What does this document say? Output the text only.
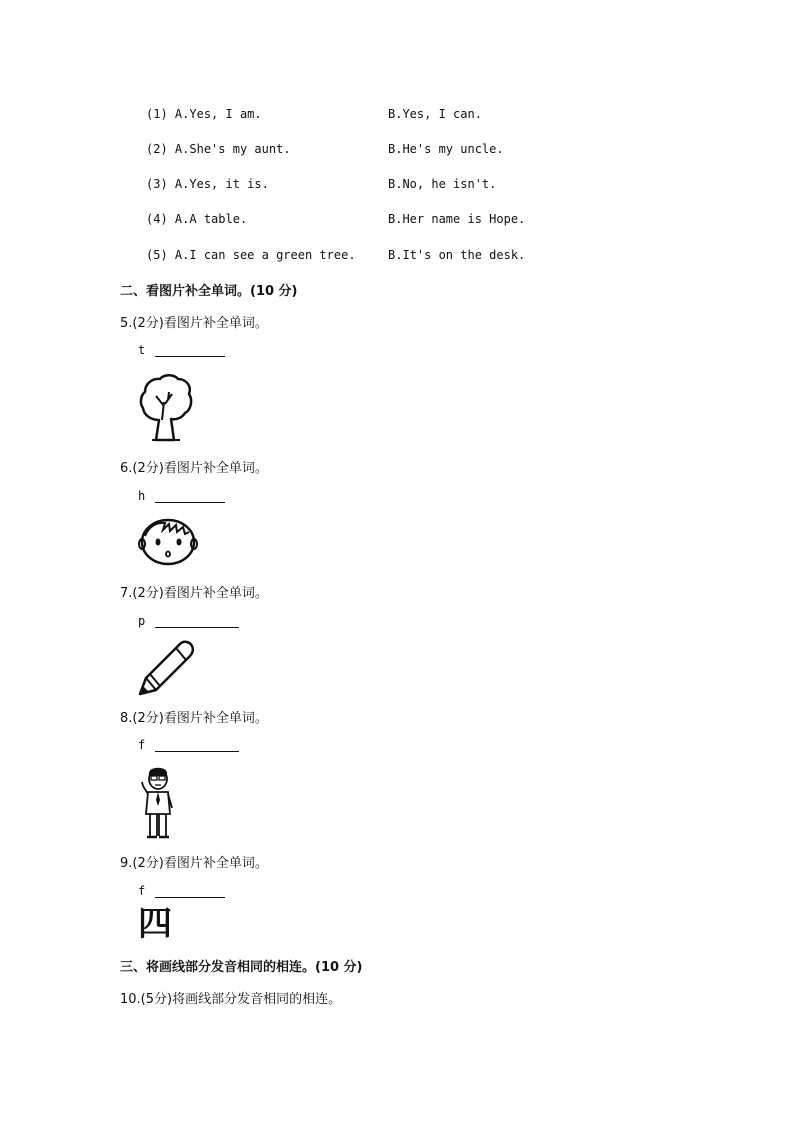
(1) A.Yes, I am.	B.Yes, I can.
(2) A.She's my aunt.	B.He's my uncle.
(3) A.Yes, it is.	B.No, he isn't.
(4) A.A table.	B.Her name is Hope.
(5) A.I can see a green tree.	B.It's on the desk.
二、看图片补全单词。(10 分)
5.(2分)看图片补全单词。
t
6.(2分)看图片补全单词。
h
7.(2分)看图片补全单词。
p
8.(2分)看图片补全单词。
f
9.(2分)看图片补全单词。
f
四
三、将画线部分发音相同的相连。(10 分)
10.(5分)将画线部分发音相同的相连。
